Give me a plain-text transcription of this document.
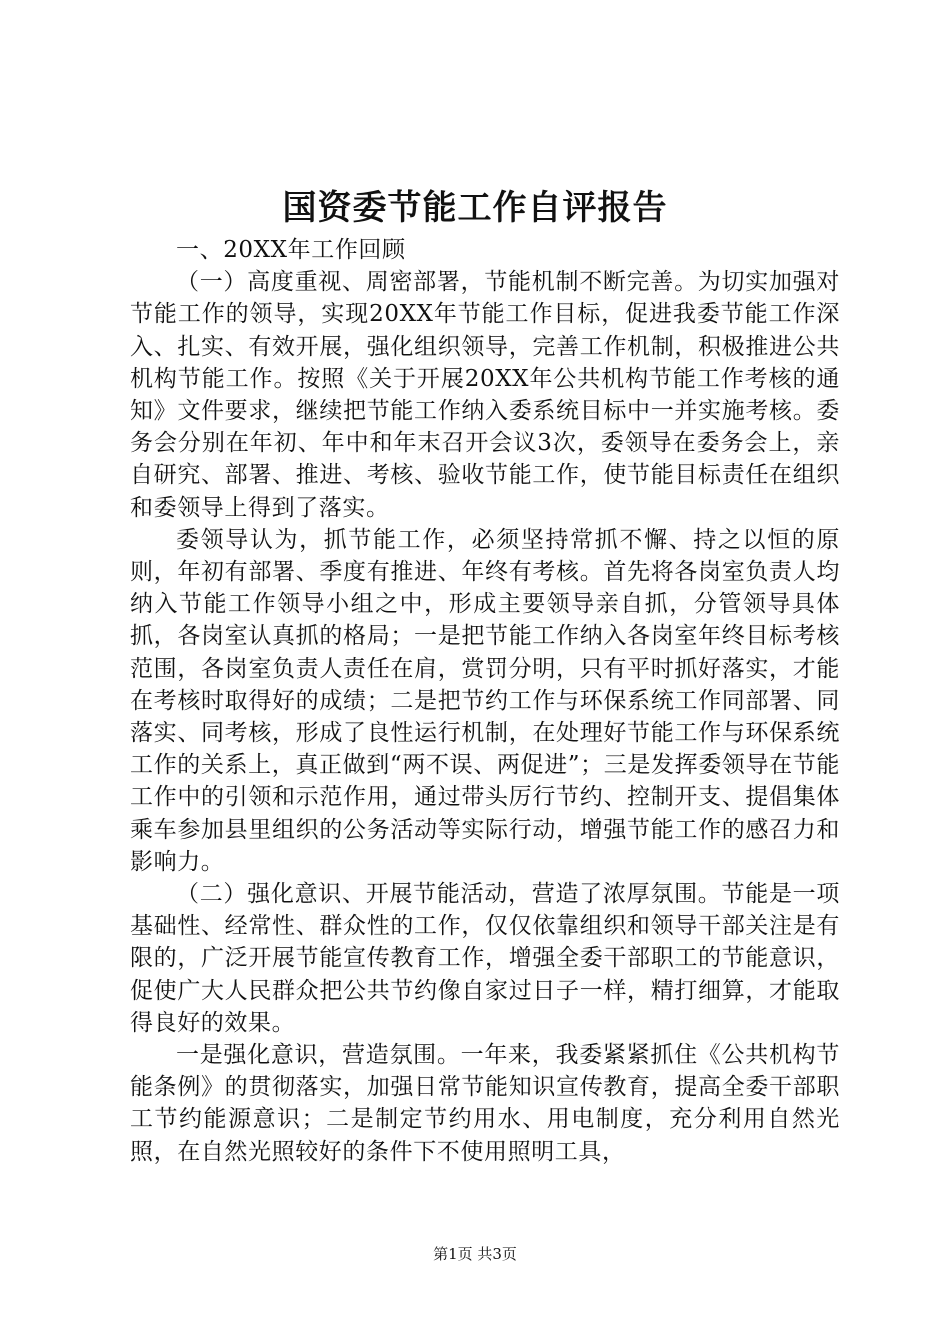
国资委节能工作自评报告

一、20XX年工作回顾

（一）高度重视、周密部署，节能机制不断完善。为切实加强对节能工作的领导，实现20XX年节能工作目标，促进我委节能工作深入、扎实、有效开展，强化组织领导，完善工作机制，积极推进公共机构节能工作。按照《关于开展20XX年公共机构节能工作考核的通知》文件要求，继续把节能工作纳入委系统目标中一并实施考核。委务会分别在年初、年中和年末召开会议3次，委领导在委务会上，亲自研究、部署、推进、考核、验收节能工作，使节能目标责任在组织和委领导上得到了落实。

委领导认为，抓节能工作，必须坚持常抓不懈、持之以恒的原则，年初有部署、季度有推进、年终有考核。首先将各岗室负责人均纳入节能工作领导小组之中，形成主要领导亲自抓，分管领导具体抓，各岗室认真抓的格局；一是把节能工作纳入各岗室年终目标考核范围，各岗室负责人责任在肩，赏罚分明，只有平时抓好落实，才能在考核时取得好的成绩；二是把节约工作与环保系统工作同部署、同落实、同考核，形成了良性运行机制，在处理好节能工作与环保系统工作的关系上，真正做到“两不误、两促进”；三是发挥委领导在节能工作中的引领和示范作用，通过带头厉行节约、控制开支、提倡集体乘车参加县里组织的公务活动等实际行动，增强节能工作的感召力和影响力。

（二）强化意识、开展节能活动，营造了浓厚氛围。节能是一项基础性、经常性、群众性的工作，仅仅依靠组织和领导干部关注是有限的，广泛开展节能宣传教育工作，增强全委干部职工的节能意识，促使广大人民群众把公共节约像自家过日子一样，精打细算，才能取得良好的效果。

一是强化意识，营造氛围。一年来，我委紧紧抓住《公共机构节能条例》的贯彻落实，加强日常节能知识宣传教育，提高全委干部职工节约能源意识；二是制定节约用水、用电制度，充分利用自然光照，在自然光照较好的条件下不使用照明工具，

第1页 共3页
